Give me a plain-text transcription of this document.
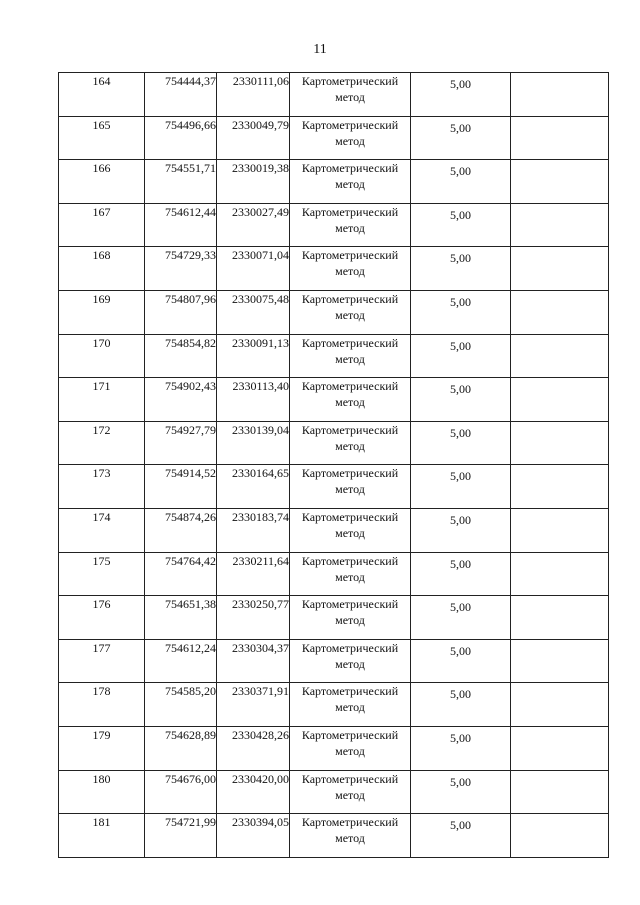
11
164	754444,37	2330111,06	Картометрический метод	5,00	
165	754496,66	2330049,79	Картометрический метод	5,00	
166	754551,71	2330019,38	Картометрический метод	5,00	
167	754612,44	2330027,49	Картометрический метод	5,00	
168	754729,33	2330071,04	Картометрический метод	5,00	
169	754807,96	2330075,48	Картометрический метод	5,00	
170	754854,82	2330091,13	Картометрический метод	5,00	
171	754902,43	2330113,40	Картометрический метод	5,00	
172	754927,79	2330139,04	Картометрический метод	5,00	
173	754914,52	2330164,65	Картометрический метод	5,00	
174	754874,26	2330183,74	Картометрический метод	5,00	
175	754764,42	2330211,64	Картометрический метод	5,00	
176	754651,38	2330250,77	Картометрический метод	5,00	
177	754612,24	2330304,37	Картометрический метод	5,00	
178	754585,20	2330371,91	Картометрический метод	5,00	
179	754628,89	2330428,26	Картометрический метод	5,00	
180	754676,00	2330420,00	Картометрический метод	5,00	
181	754721,99	2330394,05	Картометрический метод	5,00	
